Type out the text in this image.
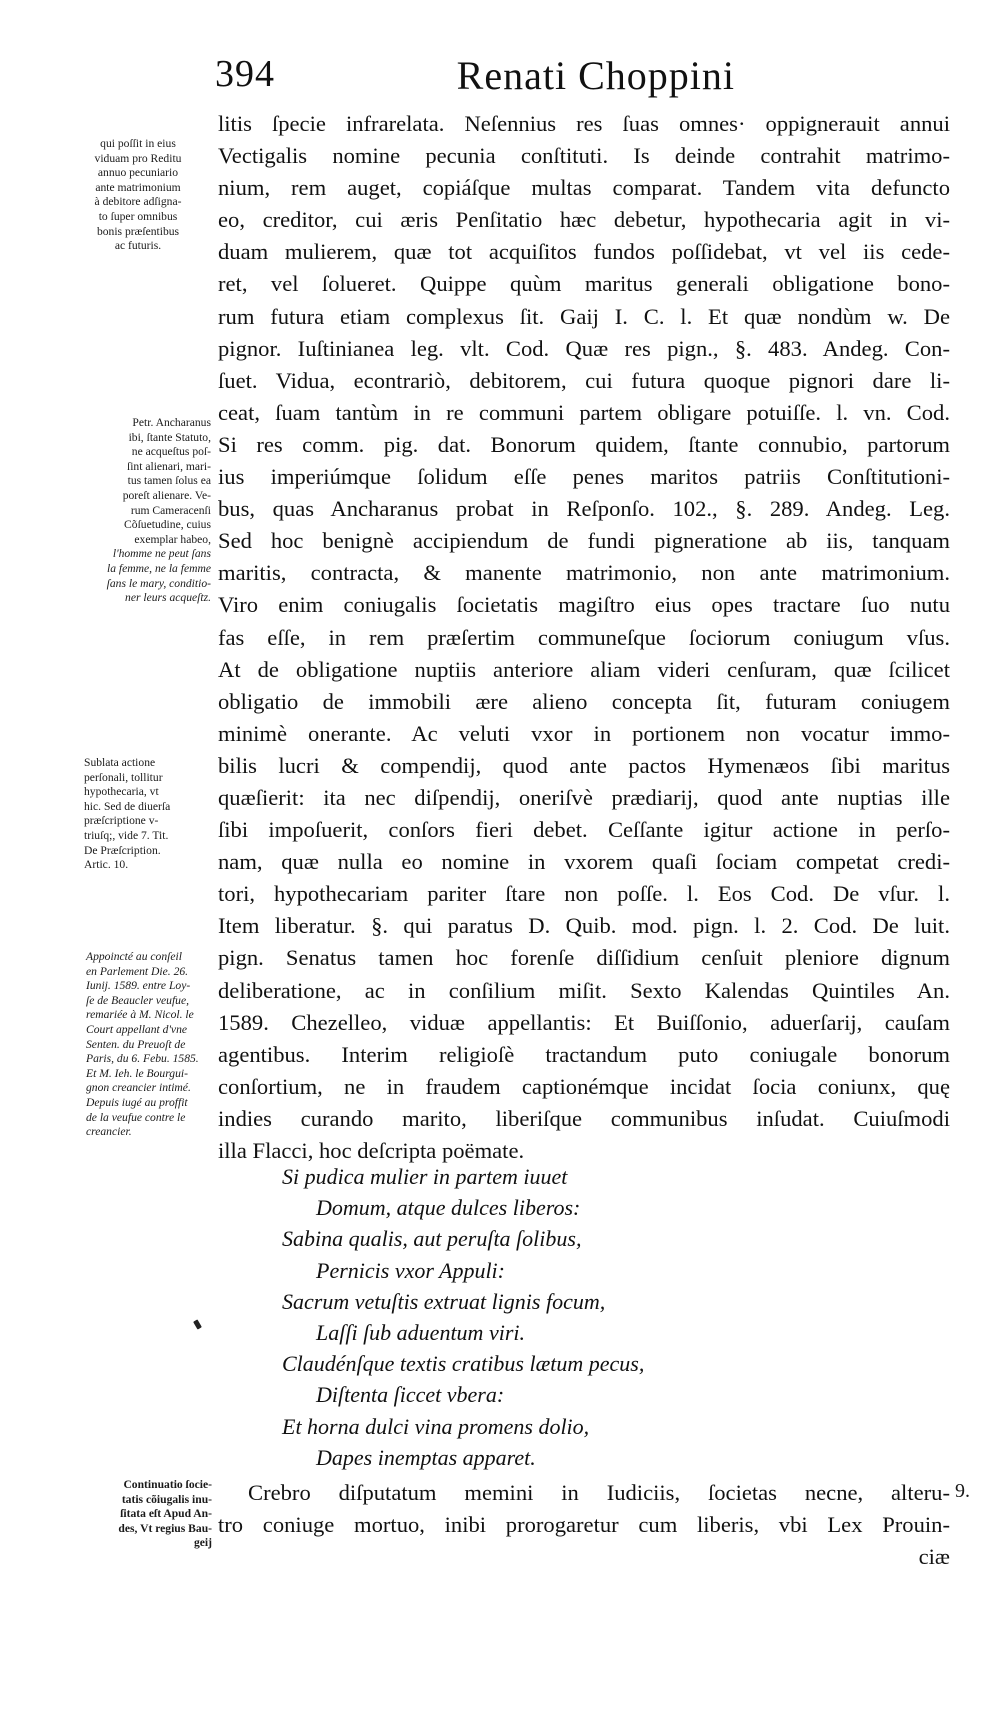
394	Renati Choppini
litis ſpecie infrarelata. Neſennius res ſuas omnes· oppignerauit annui
Vectigalis nomine pecunia conſtituti. Is deinde contrahit matrimo-
nium, rem auget, copiáſque multas comparat. Tandem vita defuncto
eo, creditor, cui æris Penſitatio hæc debetur, hypothecaria agit in vi-
duam mulierem, quæ tot acquiſitos fundos poſſidebat, vt vel iis cede-
ret, vel ſolueret. Quippe quùm maritus generali obligatione bono-
rum futura etiam complexus ſit. Gaij I. C. l. Et quæ nondùm w. De
pignor. Iuſtinianea leg. vlt. Cod. Quæ res pign., §. 483. Andeg. Con-
ſuet. Vidua, econtrariò, debitorem, cui futura quoque pignori dare li-
ceat, ſuam tantùm in re communi partem obligare potuiſſe. l. vn. Cod.
Si res comm. pig. dat. Bonorum quidem, ſtante connubio, partorum
ius imperiúmque ſolidum eſſe penes maritos patriis Conſtitutioni-
bus, quas Ancharanus probat in Reſponſo. 102., §. 289. Andeg. Leg.
Sed hoc benignè accipiendum de fundi pigneratione ab iis, tanquam
maritis, contracta, & manente matrimonio, non ante matrimonium.
Viro enim coniugalis ſocietatis magiſtro eius opes tractare ſuo nutu
fas eſſe, in rem præſertim communeſque ſociorum coniugum vſus.
At de obligatione nuptiis anteriore aliam videri cenſuram, quæ ſcilicet
obligatio de immobili ære alieno concepta ſit, futuram coniugem
minimè onerante. Ac veluti vxor in portionem non vocatur immo-
bilis lucri & compendij, quod ante pactos Hymenæos ſibi maritus
quæſierit: ita nec diſpendij, oneriſvè prædiarij, quod ante nuptias ille
ſibi impoſuerit, conſors fieri debet. Ceſſante igitur actione in perſo-
nam, quæ nulla eo nomine in vxorem quaſi ſociam competat credi-
tori, hypothecariam pariter ſtare non poſſe. l. Eos Cod. De vſur. l.
Item liberatur. §. qui paratus D. Quib. mod. pign. l. 2. Cod. De luit.
pign. Senatus tamen hoc forenſe diſſidium cenſuit pleniore dignum
deliberatione, ac in conſilium miſit. Sexto Kalendas Quintiles An.
1589. Chezelleo, viduæ appellantis: Et Buiſſonio, aduerſarij, cauſam
agentibus. Interim religioſè tractandum puto coniugale bonorum
conſortium, ne in fraudem captionémque incidat ſocia coniunx, quę
indies curando marito, liberiſque communibus inſudat. Cuiuſmodi
illa Flacci, hoc deſcripta poëmate.
Si pudica mulier in partem iuuet
Domum, atque dulces liberos:
Sabina qualis, aut peruſta ſolibus,
Pernicis vxor Appuli:
Sacrum vetuſtis extruat lignis focum,
Laſſi ſub aduentum viri.
Claudénſque textis cratibus lætum pecus,
Diſtenta ſiccet vbera:
Et horna dulci vina promens dolio,
Dapes inemptas apparet.
Crebro diſputatum memini in Iudiciis, ſocietas necne, alteru-
tro coniuge mortuo, inibi prorogaretur cum liberis, vbi Lex Prouin-
ciæ
qui poſſit in eius
viduam pro Reditu
annuo pecuniario
ante matrimonium
à debitore adſigna-
to ſuper omnibus
bonis præſentibus
ac futuris.
Petr. Ancharanus
ibi, ſtante Statuto,
ne acqueſtus poſ-
ſint alienari, mari-
tus tamen ſolus ea
poreſt alienare. Ve-
rum Cameracenſi
Cõſuetudine, cuius
exemplar habeo,
l'homme ne peut ſans
la femme, ne la femme
ſans le mary, conditio-
ner leurs acqueſtz.
Sublata actione
perſonali, tollitur
hypothecaria, vt
hic. Sed de diuerſa
præſcriptione v-
triuſq;, vide 7. Tit.
De Præſcription.
Artic. 10.
Appoincté au conſeil
en Parlement Die. 26.
Iunij. 1589. entre Loy-
ſe de Beaucler veufue,
remariée à M. Nicol. le
Court appellant d'vne
Senten. du Preuoſt de
Paris, du 6. Febu. 1585.
Et M. Ieh. le Bourgui-
gnon creancier intimé.
Depuis iugé au proffit
de la veufue contre le
creancier.
Continuatio ſocie-
tatis cõiugalis inu-
ſitata eſt Apud An-
des, Vt regius Bau-
geij
9.
